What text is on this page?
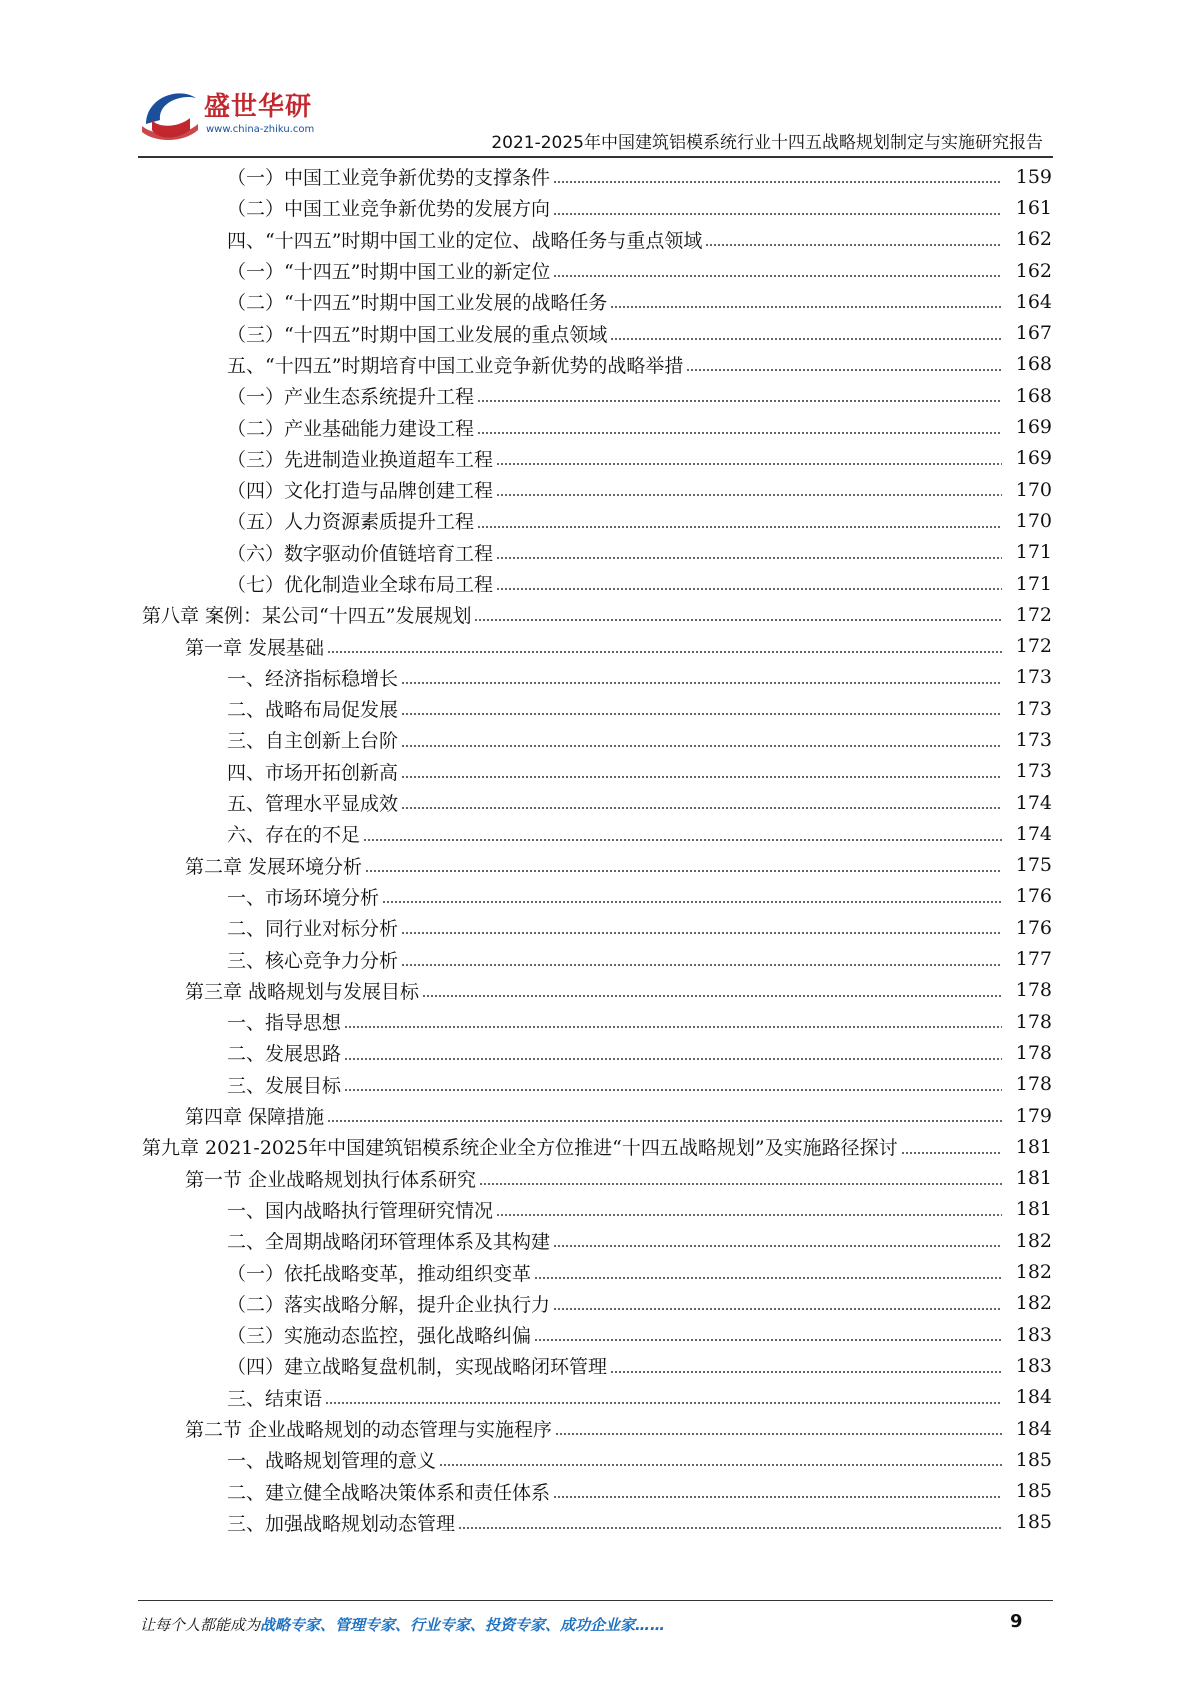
盛世华研
www.china-zhiku.com
2021-2025年中国建筑铝模系统行业十四五战略规划制定与实施研究报告
（一）中国工业竞争新优势的支撑条件	159
（二）中国工业竞争新优势的发展方向	161
四、“十四五”时期中国工业的定位、战略任务与重点领域	162
（一）“十四五”时期中国工业的新定位	162
（二）“十四五”时期中国工业发展的战略任务	164
（三）“十四五”时期中国工业发展的重点领域	167
五、“十四五”时期培育中国工业竞争新优势的战略举措	168
（一）产业生态系统提升工程	168
（二）产业基础能力建设工程	169
（三）先进制造业换道超车工程	169
（四）文化打造与品牌创建工程	170
（五）人力资源素质提升工程	170
（六）数字驱动价值链培育工程	171
（七）优化制造业全球布局工程	171
第八章 案例：某公司“十四五”发展规划	172
第一章 发展基础	172
一、经济指标稳增长	173
二、战略布局促发展	173
三、自主创新上台阶	173
四、市场开拓创新高	173
五、管理水平显成效	174
六、存在的不足	174
第二章 发展环境分析	175
一、市场环境分析	176
二、同行业对标分析	176
三、核心竞争力分析	177
第三章 战略规划与发展目标	178
一、指导思想	178
二、发展思路	178
三、发展目标	178
第四章 保障措施	179
第九章 2021-2025年中国建筑铝模系统企业全方位推进“十四五战略规划”及实施路径探讨	181
第一节 企业战略规划执行体系研究	181
一、国内战略执行管理研究情况	181
二、全周期战略闭环管理体系及其构建	182
（一）依托战略变革，推动组织变革	182
（二）落实战略分解，提升企业执行力	182
（三）实施动态监控，强化战略纠偏	183
（四）建立战略复盘机制，实现战略闭环管理	183
三、结束语	184
第二节 企业战略规划的动态管理与实施程序	184
一、战略规划管理的意义	185
二、建立健全战略决策体系和责任体系	185
三、加强战略规划动态管理	185
让每个人都能成为战略专家、管理专家、行业专家、投资专家、成功企业家……	9
